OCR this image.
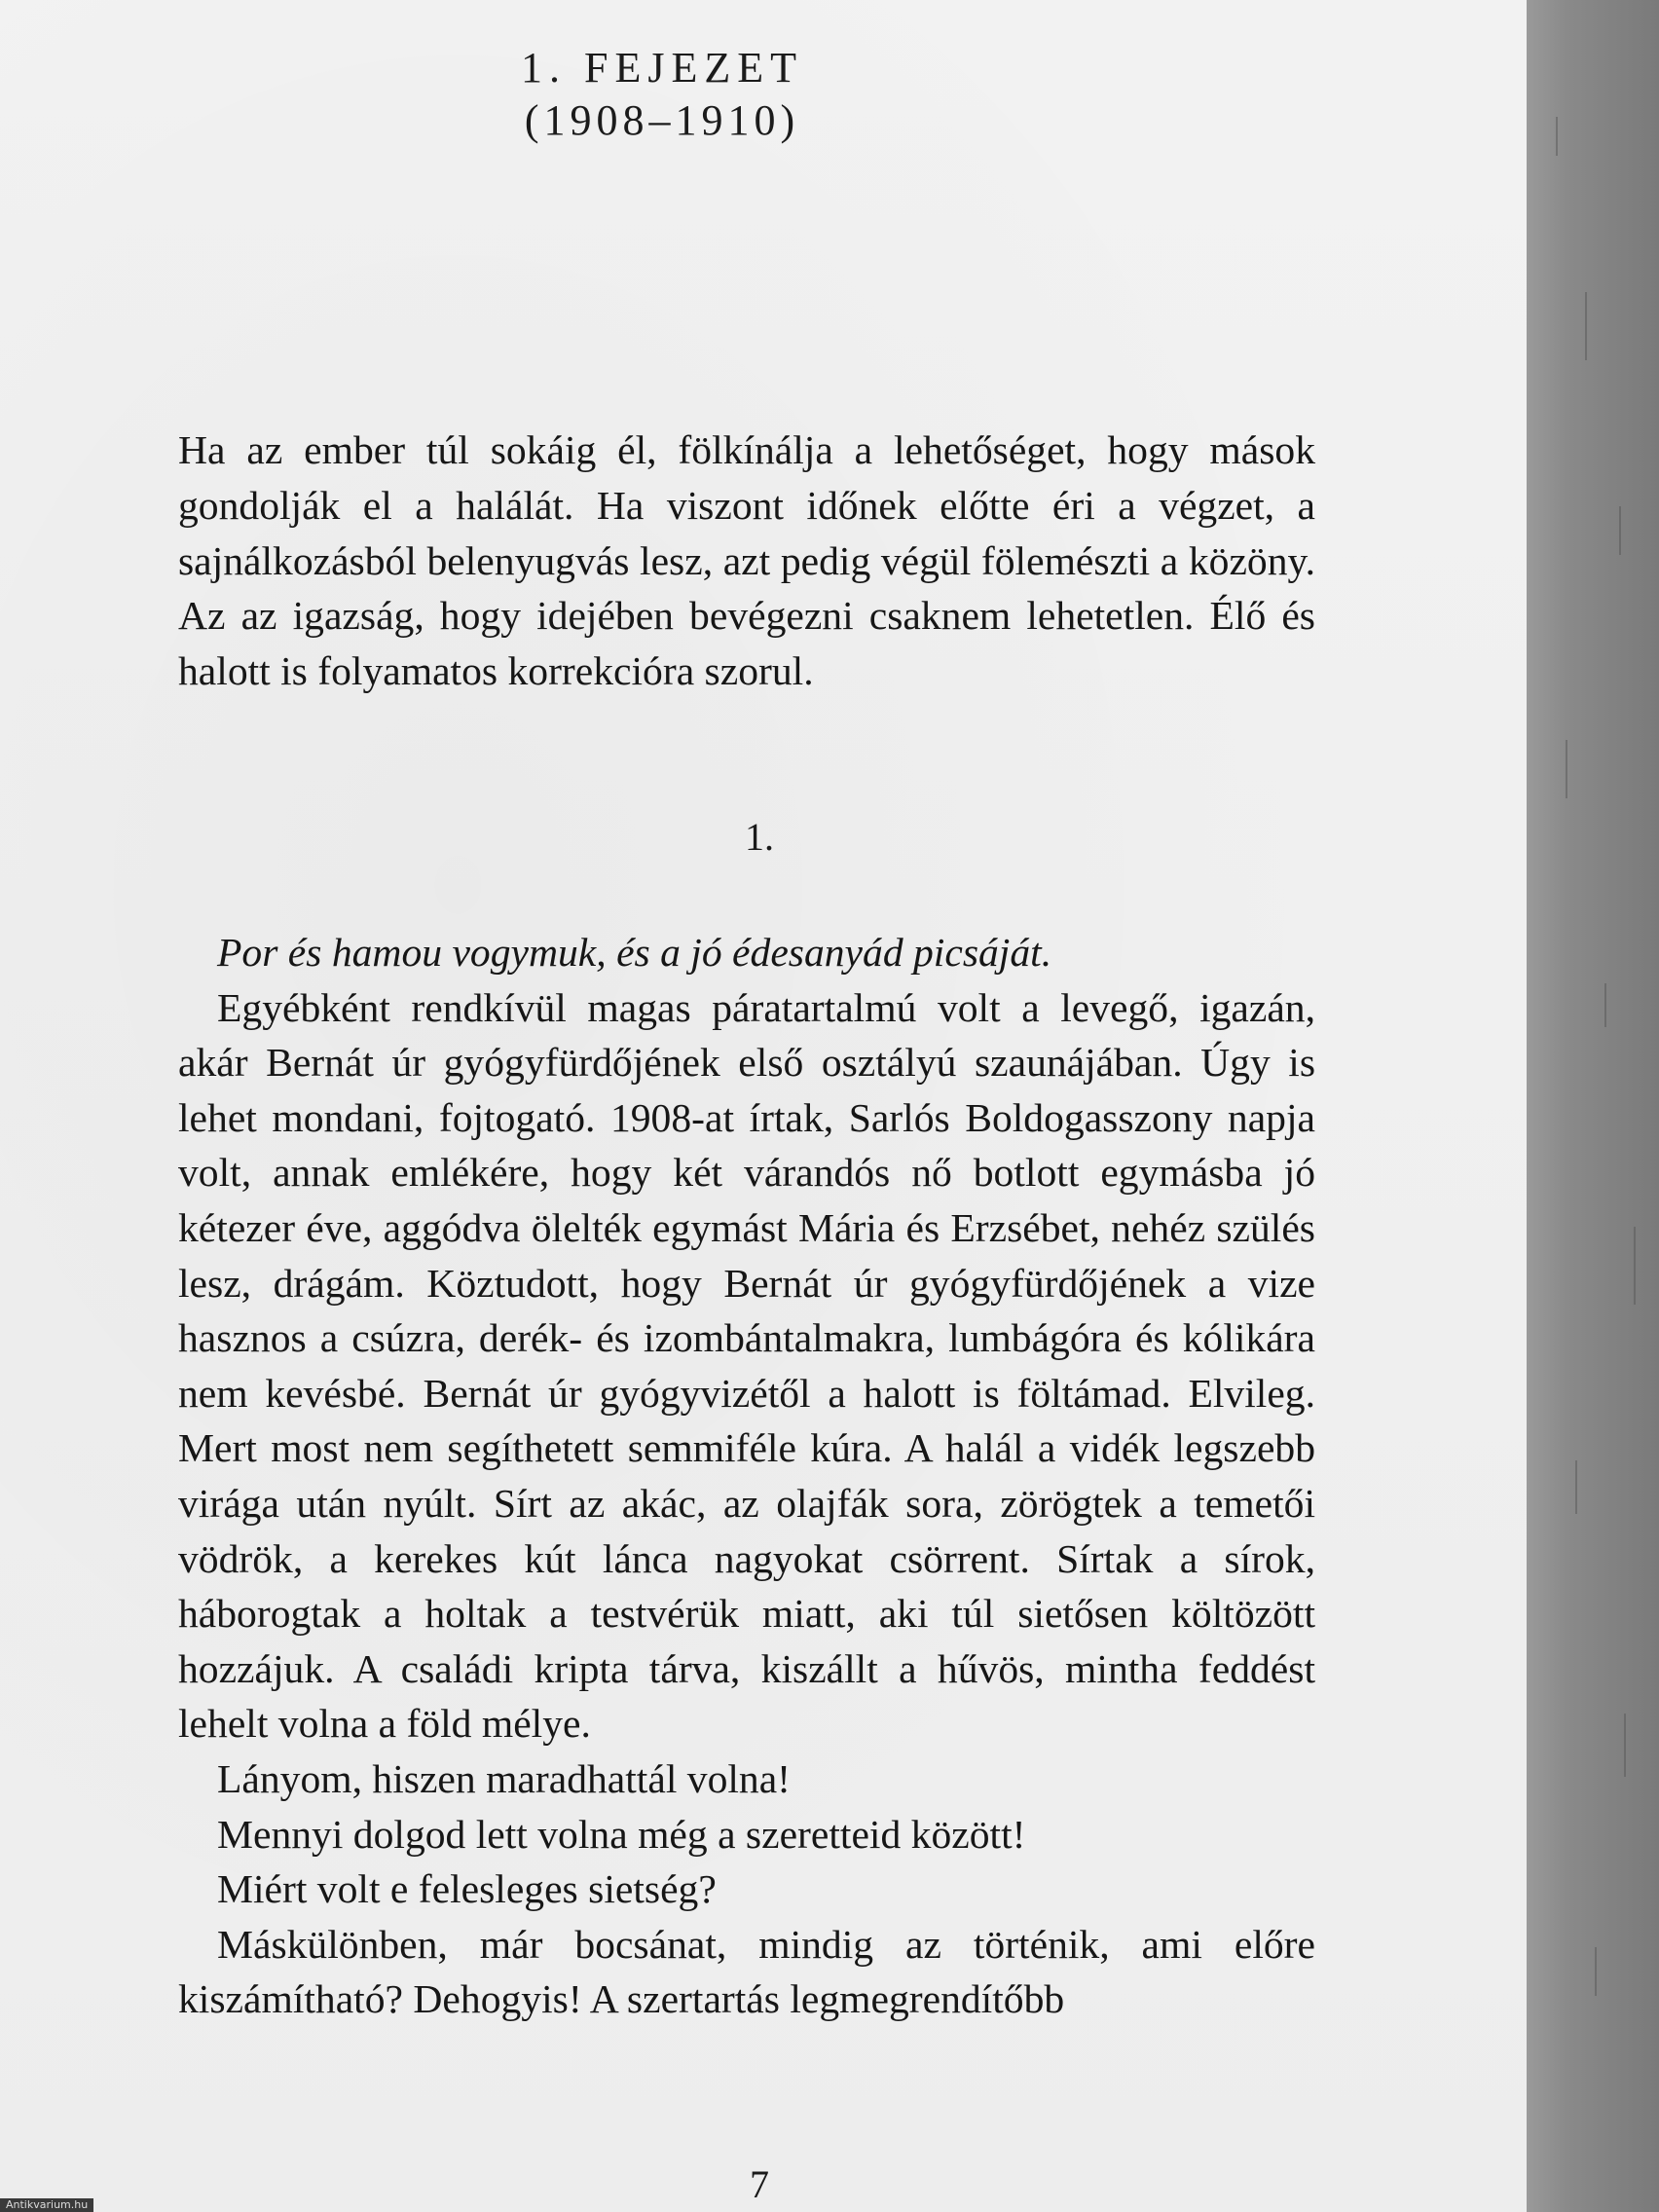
1. FEJEZET
(1908–1910)

Ha az ember túl sokáig él, fölkínálja a lehetőséget, hogy mások gondolják el a halálát. Ha viszont időnek előtte éri a végzet, a sajnálkozásból belenyugvás lesz, azt pedig végül fölemészti a közöny. Az az igazság, hogy idejében bevégezni csaknem lehetetlen. Élő és halott is folyamatos korrekcióra szorul.

1.

Por és hamou vogymuk, és a jó édesanyád picsáját.

Egyébként rendkívül magas páratartalmú volt a levegő, igazán, akár Bernát úr gyógyfürdőjének első osztályú szaunájában. Úgy is lehet mondani, fojtogató. 1908-at írtak, Sarlós Boldogasszony napja volt, annak emlékére, hogy két várandós nő botlott egymásba jó kétezer éve, aggódva ölelték egymást Mária és Erzsébet, nehéz szülés lesz, drágám. Köztudott, hogy Bernát úr gyógyfürdőjének a vize hasznos a csúzra, derék- és izombántalmakra, lumbágóra és kólikára nem kevésbé. Bernát úr gyógyvizétől a halott is föltámad. Elvileg. Mert most nem segíthetett semmiféle kúra. A halál a vidék legszebb virága után nyúlt. Sírt az akác, az olajfák sora, zörögtek a temetői vödrök, a kerekes kút lánca nagyokat csörrent. Sírtak a sírok, háborogtak a holtak a testvérük miatt, aki túl sietősen költözött hozzájuk. A családi kripta tárva, kiszállt a hűvös, mintha feddést lehelt volna a föld mélye.

Lányom, hiszen maradhattál volna!

Mennyi dolgod lett volna még a szeretteid között!

Miért volt e felesleges sietség?

Máskülönben, már bocsánat, mindig az történik, ami előre kiszámítható? Dehogyis! A szertartás legmegrendítőbb

7
Antikvarium.hu
